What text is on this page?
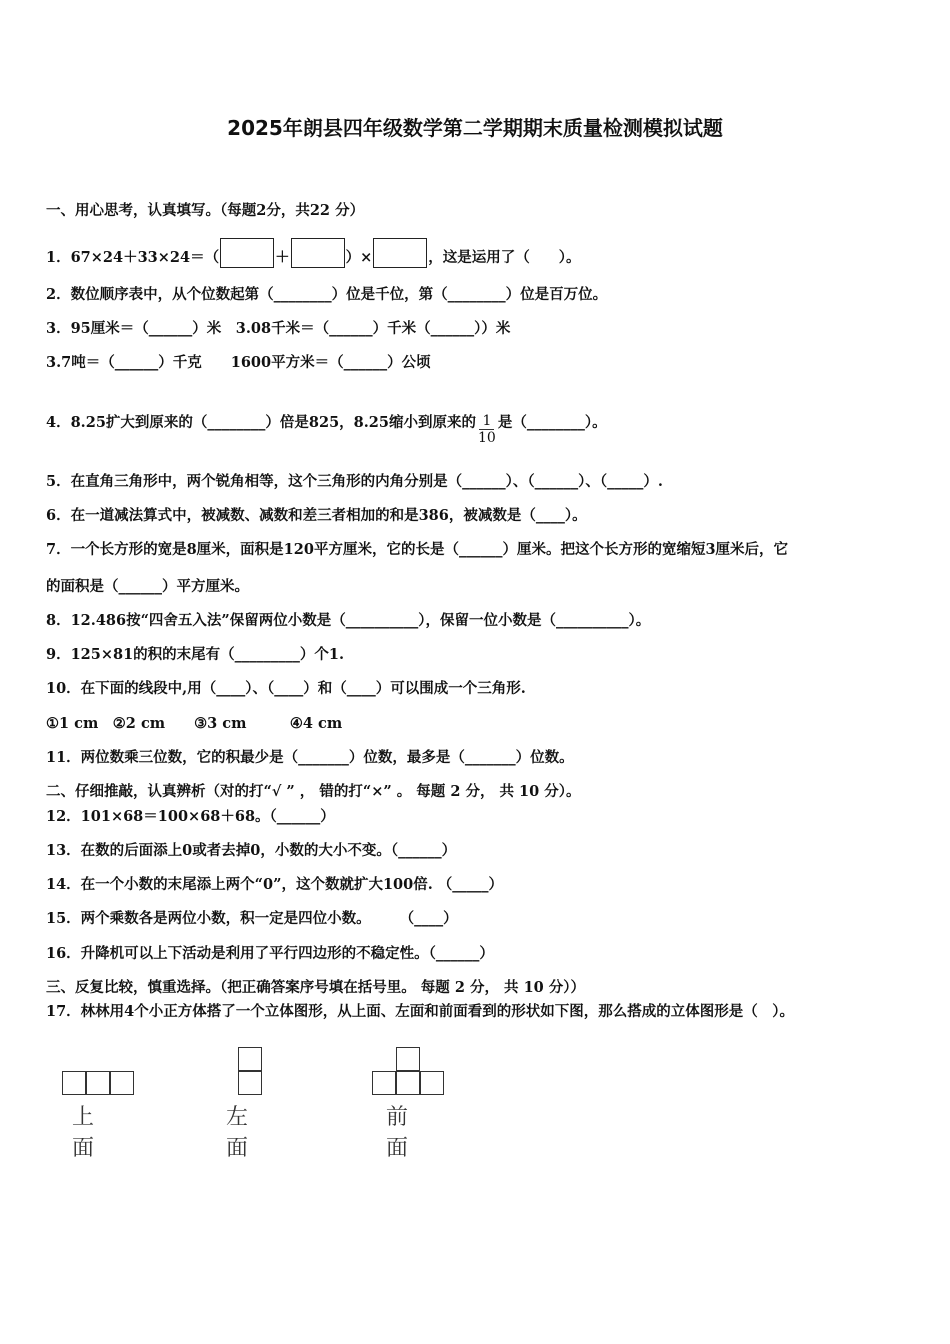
2025年朗县四年级数学第二学期期末质量检测模拟试题
一、用心思考，认真填写。（每题2分，共22 分）
1．67×24＋33×24＝（	＋	）×	，这是运用了（　　）。
2．数位顺序表中，从个位数起第（________）位是千位，第（________）位是百万位。
3．95厘米＝（______）米　3.08千米＝（______）千米（______））米
3.7吨＝（______）千克　　1600平方米＝（______）公顷
4．8.25扩大到原来的（________）倍是825，8.25缩小到原来的 $\frac{1}{10}$ 是（________）。
5．在直角三角形中，两个锐角相等，这个三角形的内角分别是（______）、（______）、（_____）.
6．在一道减法算式中，被减数、减数和差三者相加的和是386，被减数是（____）。
7．一个长方形的宽是8厘米，面积是120平方厘米，它的长是（______）厘米。把这个长方形的宽缩短3厘米后，它
的面积是（______）平方厘米。
8．12.486按“四舍五入法”保留两位小数是（__________），保留一位小数是（__________）。
9．125×81的积的末尾有（_________）个1.
10．在下面的线段中,用（____）、（____）和（____）可以围成一个三角形.
①1 cm　②2 cm　　③3 cm　　　④4 cm
11．两位数乘三位数，它的积最少是（_______）位数，最多是（_______）位数。
二、仔细推敲，认真辨析（对的打“√ ” ， 错的打“×” 。 每题 2 分， 共 10 分）。
12．101×68＝100×68＋68。（______）
13．在数的后面添上0或者去掉0，小数的大小不变。（______）
14．在一个小数的末尾添上两个“0”，这个数就扩大100倍. （_____）
15．两个乘数各是两位小数，积一定是四位小数。　　　（____）
16．升降机可以上下活动是利用了平行四边形的不稳定性。（______）
三、反复比较，慎重选择。（把正确答案序号填在括号里。 每题 2 分， 共 10 分））
17．林林用4个小正方体搭了一个立体图形，从上面、左面和前面看到的形状如下图，那么搭成的立体图形是（　）。
上面
左面
前面
